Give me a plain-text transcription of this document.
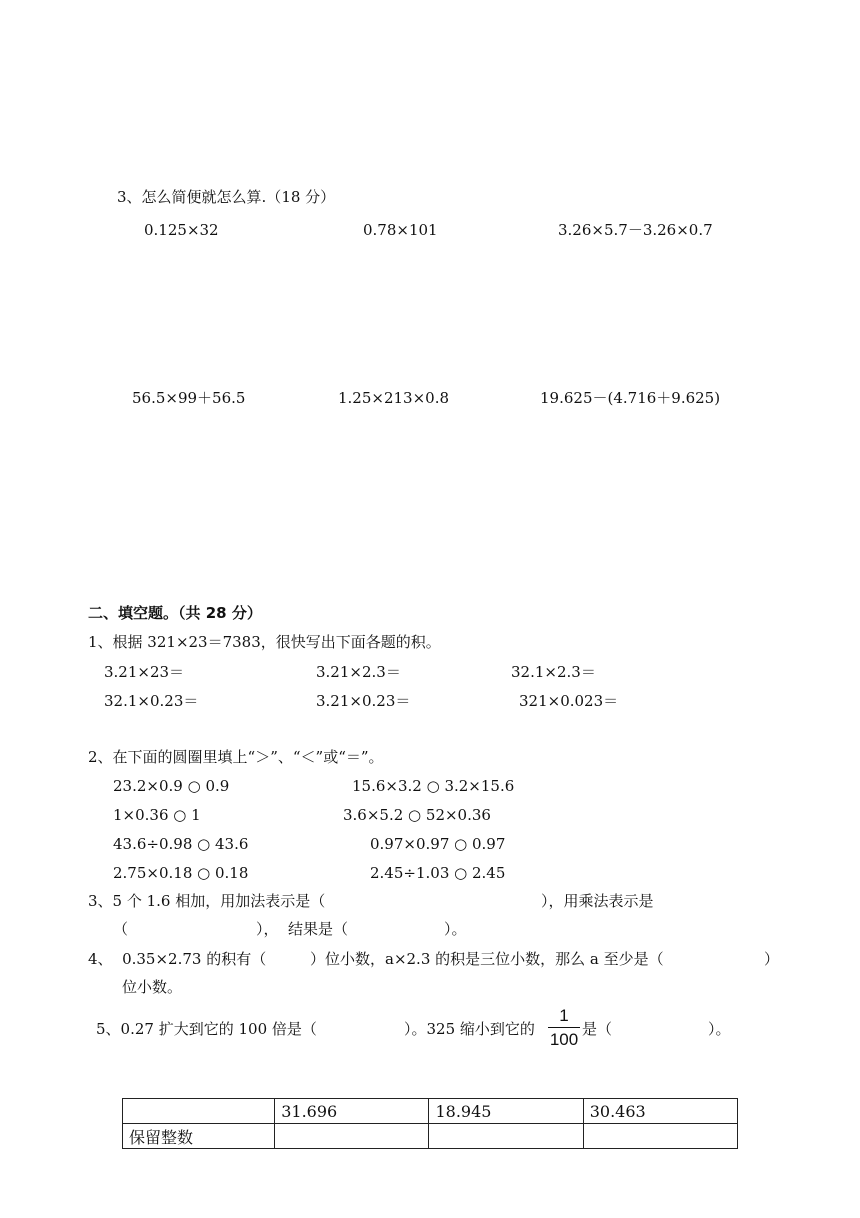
3、怎么简便就怎么算.（18 分）
0.125×32	0.78×101	3.26×5.7－3.26×0.7
56.5×99＋56.5	1.25×213×0.8	19.625－(4.716＋9.625)
二、填空题。（共 28 分）
1、根据 321×23＝7383，很快写出下面各题的积。
3.21×23＝	3.21×2.3＝	32.1×2.3＝
32.1×0.23＝	3.21×0.23＝	321×0.023＝
2、在下面的圆圈里填上“＞”、“＜”或“＝”。
23.2×0.9 ○ 0.9	15.6×3.2 ○ 3.2×15.6
1×0.36 ○ 1	3.6×5.2 ○ 52×0.36
43.6÷0.98 ○ 43.6	0.97×0.97 ○ 0.97
2.75×0.18 ○ 0.18	2.45÷1.03 ○ 2.45
3、5 个 1.6 相加，用加法表示是（	），用乘法表示是
（	），  结果是（	）。
4、  0.35×2.73 的积有（	）位小数，a×2.3 的积是三位小数，那么 a 至少是（	）
位小数。
5、0.27 扩大到它的 100 倍是（	）。325 缩小到它的
1
100
是（	）。
	31.696	18.945	30.463
保留整数			
